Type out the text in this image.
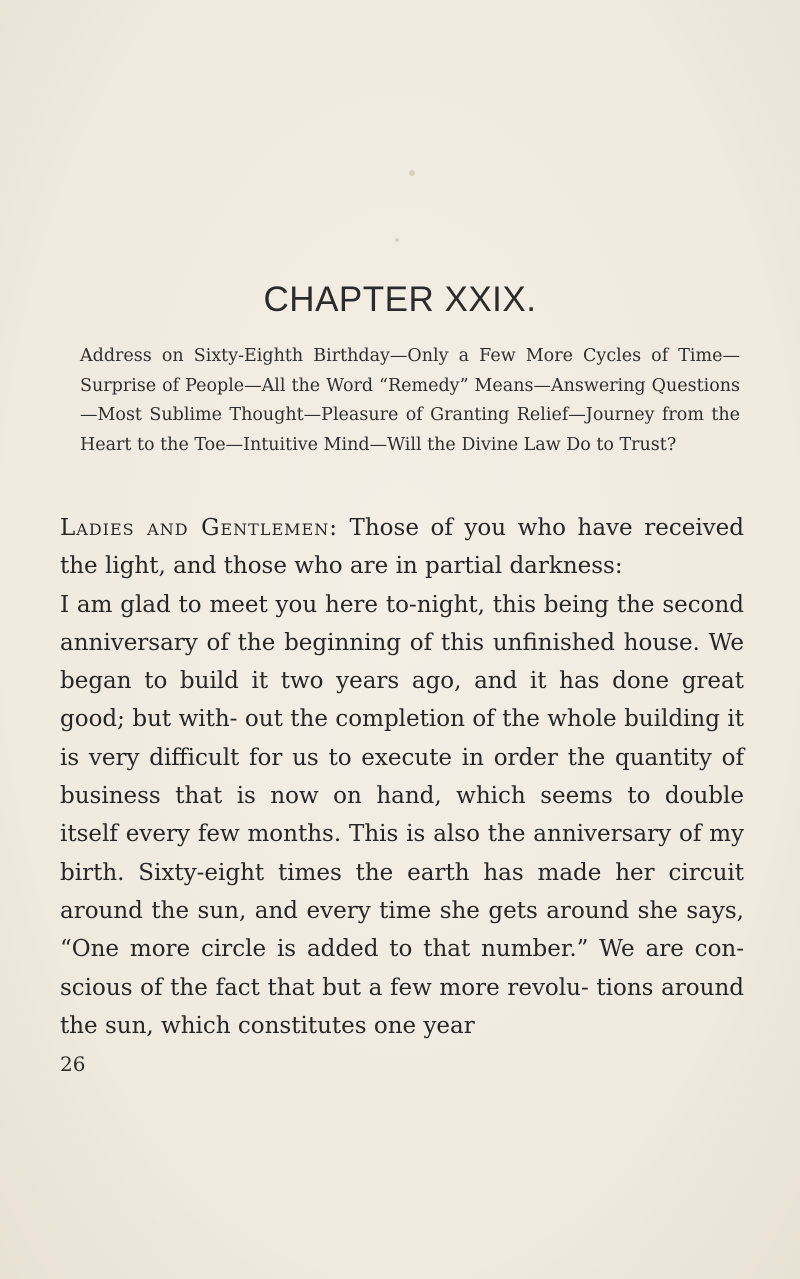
CHAPTER XXIX.
Address on Sixty-Eighth Birthday—Only a Few More Cycles of Time—Surprise of People—All the Word “Remedy” Means—Answering Questions—Most Sublime Thought—Pleasure of Granting Relief—Journey from the Heart to the Toe—Intuitive Mind—Will the Divine Law Do to Trust?

Ladies and Gentlemen: Those of you who have received the light, and those who are in partial darkness:

I am glad to meet you here to-night, this being the second anniversary of the beginning of this unfinished house. We began to build it two years ago, and it has done great good; but with- out the completion of the whole building it is very difficult for us to execute in order the quantity of business that is now on hand, which seems to double itself every few months. This is also the anniversary of my birth. Sixty-eight times the earth has made her circuit around the sun, and every time she gets around she says, “One more circle is added to that number.” We are con- scious of the fact that but a few more revolu- tions around the sun, which constitutes one year

26
